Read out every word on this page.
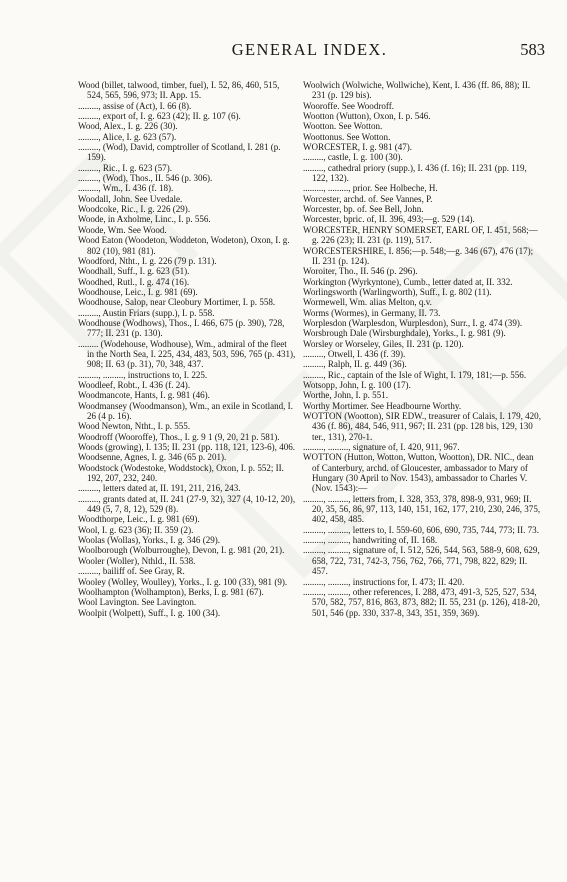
GENERAL INDEX.	583

Wood (billet, talwood, timber, fuel), I. 52, 86, 460, 515, 524, 565, 596, 973; II. App. 15.

........., assise of (Act), I. 66 (8).

........., export of, I. g. 623 (42); II. g. 107 (6).

Wood, Alex., I. g. 226 (30).

........., Alice, I. g. 623 (57).

........., (Wod), David, comptroller of Scotland, I. 281 (p. 159).

........., Ric., I. g. 623 (57).

........., (Wod), Thos., II. 546 (p. 306).

........., Wm., I. 436 (f. 18).

Woodall, John. See Uvedale.

Woodcoke, Ric., I. g. 226 (29).

Woode, in Axholme, Linc., I. p. 556.

Woode, Wm. See Wood.

Wood Eaton (Woodeton, Woddeton, Wodeton), Oxon, I. g. 802 (10), 981 (81).

Woodford, Ntht., I. g. 226 (79 p. 131).

Woodhall, Suff., I. g. 623 (51).

Woodhed, Rutl., I. g. 474 (16).

Woodhouse, Leic., I. g. 981 (69).

Woodhouse, Salop, near Cleobury Mortimer, I. p. 558.

........., Austin Friars (supp.), I. p. 558.

Woodhouse (Wodhows), Thos., I. 466, 675 (p. 390), 728, 777; II. 231 (p. 130).

......... (Wodehouse, Wodhouse), Wm., admiral of the fleet in the North Sea, I. 225, 434, 483, 503, 596, 765 (p. 431), 908; II. 63 (p. 31), 70, 348, 437.

........., ........., instructions to, I. 225.

Woodleef, Robt., I. 436 (f. 24).

Woodmancote, Hants, I. g. 981 (46).

Woodmansey (Woodmanson), Wm., an exile in Scotland, I. 26 (4 p. 16).

Wood Newton, Ntht., I. p. 555.

Woodroff (Wooroffe), Thos., I. g. 9 1 (9, 20, 21 p. 581).

Woods (growing), I. 135; II. 231 (pp. 118, 121, 123-6), 406.

Woodsenne, Agnes, I. g. 346 (65 p. 201).

Woodstock (Wodestoke, Woddstock), Oxon, I. p. 552; II. 192, 207, 232, 240.

........., letters dated at, II. 191, 211, 216, 243.

........., grants dated at, II. 241 (27-9, 32), 327 (4, 10-12, 20), 449 (5, 7, 8, 12), 529 (8).

Woodthorpe, Leic., I. g. 981 (69).

Wool, I. g. 623 (36); II. 359 (2).

Woolas (Wollas), Yorks., I. g. 346 (29).

Woolborough (Wolburroughe), Devon, I. g. 981 (20, 21).

Wooler (Woller), Nthld., II. 538.

........., bailiff of. See Gray, R.

Wooley (Wolley, Woulley), Yorks., I. g. 100 (33), 981 (9).

Woolhampton (Wolhampton), Berks, I. g. 981 (67).

Wool Lavington. See Lavington.

Woolpit (Wolpett), Suff., I. g. 100 (34).

Woolwich (Wolwiche, Wollwiche), Kent, I. 436 (ff. 86, 88); II. 231 (p. 129 bis).

Wooroffe. See Woodroff.

Wootton (Wutton), Oxon, I. p. 546.

Wootton. See Wotton.

Woottonus. See Wotton.

WORCESTER, I. g. 981 (47).

........., castle, I. g. 100 (30).

........., cathedral priory (supp.), I. 436 (f. 16); II. 231 (pp. 119, 122, 132).

........., ........., prior. See Holbeche, H.

Worcester, archd. of. See Vannes, P.

Worcester, bp. of. See Bell, John.

Worcester, bpric. of, II. 396, 493;—g. 529 (14).

WORCESTER, HENRY SOMERSET, EARL OF, I. 451, 568;—g. 226 (23); II. 231 (p. 119), 517.

WORCESTERSHIRE, I. 856;—p. 548;—g. 346 (67), 476 (17); II. 231 (p. 124).

Woroiter, Tho., II. 546 (p. 296).

Workington (Wyrkyntone), Cumb., letter dated at, II. 332.

Worlingsworth (Warlingworth), Suff., I. g. 802 (11).

Wormewell, Wm. alias Melton, q.v.

Worms (Wormes), in Germany, II. 73.

Worplesdon (Warplesdon, Wurplesdon), Surr., I. g. 474 (39).

Worsbrough Dale (Wirsburghdale), Yorks., I. g. 981 (9).

Worsley or Worseley, Giles, II. 231 (p. 120).

........., Otwell, I. 436 (f. 39).

........., Ralph, II. g. 449 (36).

........., Ric., captain of the Isle of Wight, I. 179, 181;—p. 556.

Wotsopp, John, I. g. 100 (17).

Worthe, John, I. p. 551.

Worthy Mortimer. See Headbourne Worthy.

WOTTON (Wootton), SIR EDW., treasurer of Calais, I. 179, 420, 436 (f. 86), 484, 546, 911, 967; II. 231 (pp. 128 bis, 129, 130 ter., 131), 270-1.

........., ........., signature of, I. 420, 911, 967.

WOTTON (Hutton, Wotton, Wutton, Wootton), DR. NIC., dean of Canterbury, archd. of Gloucester, ambassador to Mary of Hungary (30 April to Nov. 1543), ambassador to Charles V. (Nov. 1543):—

........., ........., letters from, I. 328, 353, 378, 898-9, 931, 969; II. 20, 35, 56, 86, 97, 113, 140, 151, 162, 177, 210, 230, 246, 375, 402, 458, 485.

........., ........., letters to, I. 559-60, 606, 690, 735, 744, 773; II. 73.

........., ........., handwriting of, II. 168.

........., ........., signature of, I. 512, 526, 544, 563, 588-9, 608, 629, 658, 722, 731, 742-3, 756, 762, 766, 771, 798, 822, 829; II. 457.

........., ........., instructions for, I. 473; II. 420.

........., ........., other references, I. 288, 473, 491-3, 525, 527, 534, 570, 582, 757, 816, 863, 873, 882; II. 55, 231 (p. 126), 418-20, 501, 546 (pp. 330, 337-8, 343, 351, 359, 369).
